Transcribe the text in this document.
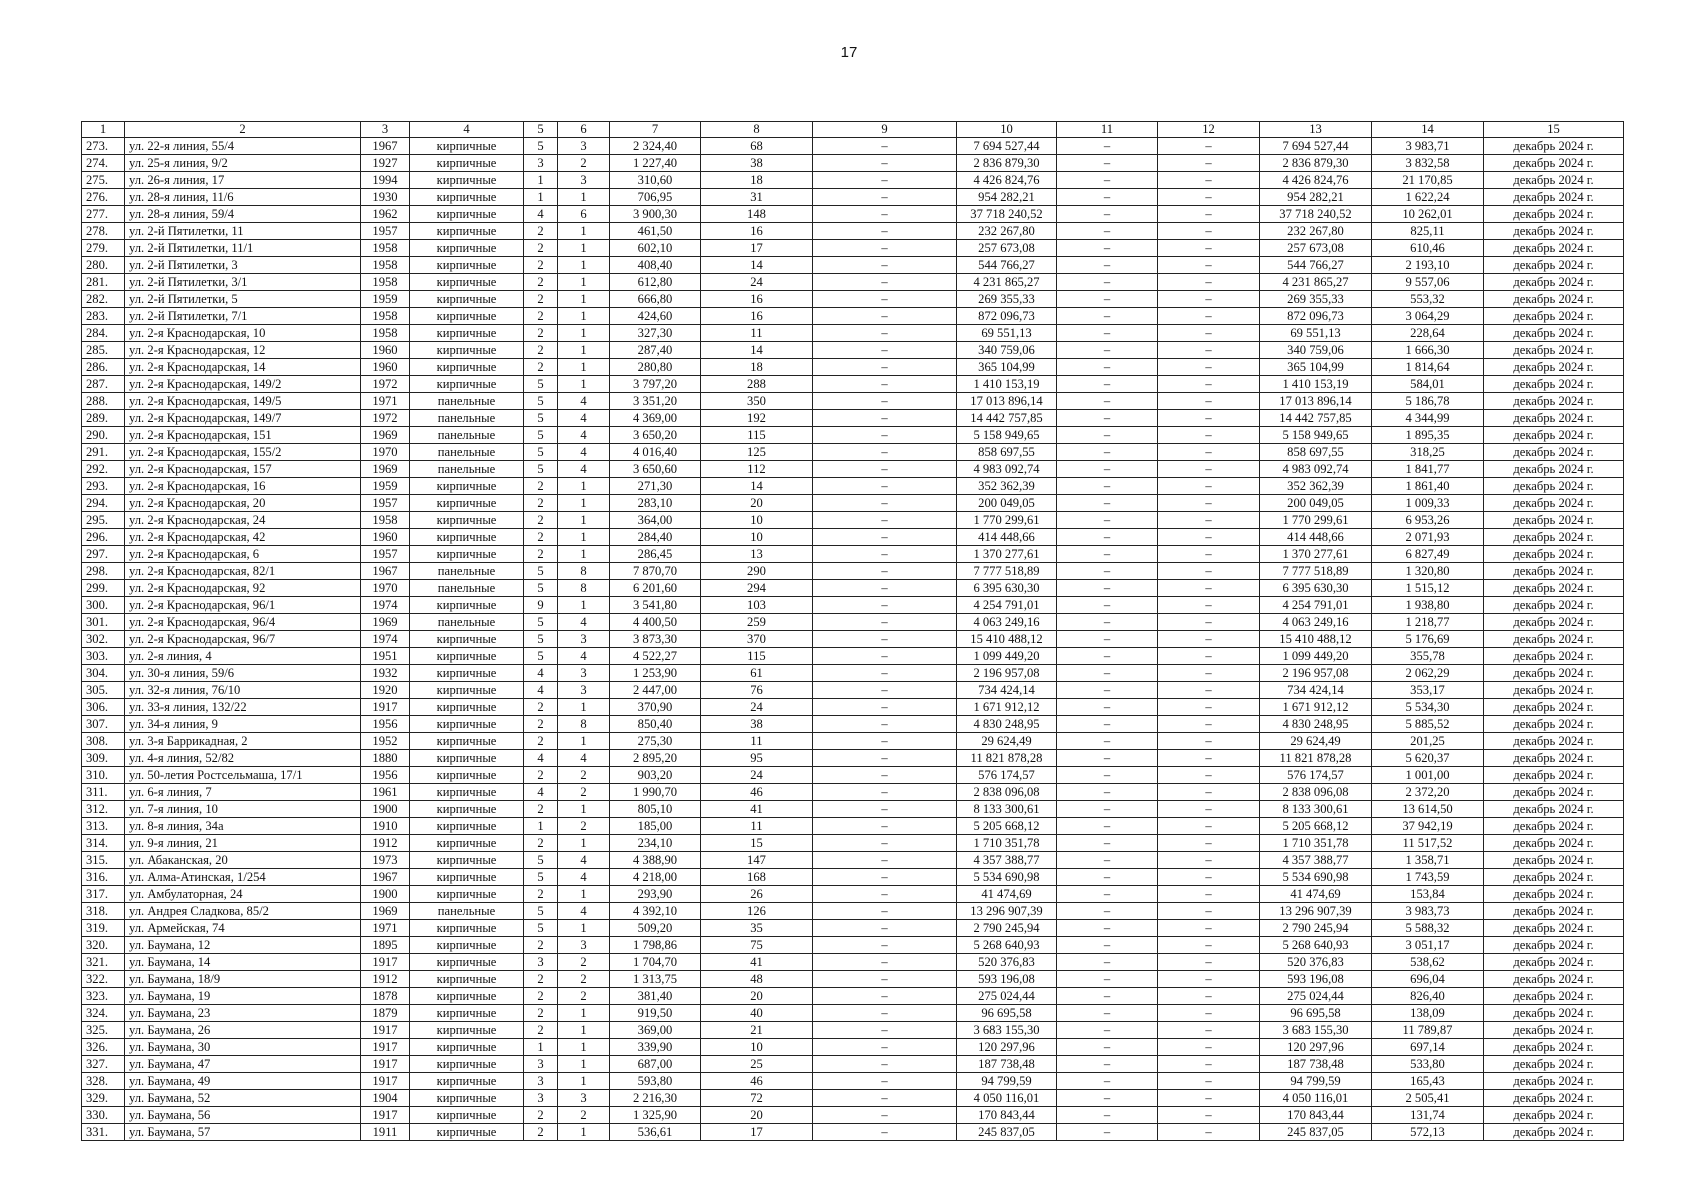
17
1	2	3	4	5	6	7	8	9	10	11	12	13	14	15
273.	ул. 22-я линия, 55/4	1967	кирпичные	5	3	2 324,40	68	–	7 694 527,44	–	–	7 694 527,44	3 983,71	декабрь 2024 г.
274.	ул. 25-я линия, 9/2	1927	кирпичные	3	2	1 227,40	38	–	2 836 879,30	–	–	2 836 879,30	3 832,58	декабрь 2024 г.
275.	ул. 26-я линия, 17	1994	кирпичные	1	3	310,60	18	–	4 426 824,76	–	–	4 426 824,76	21 170,85	декабрь 2024 г.
276.	ул. 28-я линия, 11/6	1930	кирпичные	1	1	706,95	31	–	954 282,21	–	–	954 282,21	1 622,24	декабрь 2024 г.
277.	ул. 28-я линия, 59/4	1962	кирпичные	4	6	3 900,30	148	–	37 718 240,52	–	–	37 718 240,52	10 262,01	декабрь 2024 г.
278.	ул. 2-й Пятилетки, 11	1957	кирпичные	2	1	461,50	16	–	232 267,80	–	–	232 267,80	825,11	декабрь 2024 г.
279.	ул. 2-й Пятилетки, 11/1	1958	кирпичные	2	1	602,10	17	–	257 673,08	–	–	257 673,08	610,46	декабрь 2024 г.
280.	ул. 2-й Пятилетки, 3	1958	кирпичные	2	1	408,40	14	–	544 766,27	–	–	544 766,27	2 193,10	декабрь 2024 г.
281.	ул. 2-й Пятилетки, 3/1	1958	кирпичные	2	1	612,80	24	–	4 231 865,27	–	–	4 231 865,27	9 557,06	декабрь 2024 г.
282.	ул. 2-й Пятилетки, 5	1959	кирпичные	2	1	666,80	16	–	269 355,33	–	–	269 355,33	553,32	декабрь 2024 г.
283.	ул. 2-й Пятилетки, 7/1	1958	кирпичные	2	1	424,60	16	–	872 096,73	–	–	872 096,73	3 064,29	декабрь 2024 г.
284.	ул. 2-я Краснодарская, 10	1958	кирпичные	2	1	327,30	11	–	69 551,13	–	–	69 551,13	228,64	декабрь 2024 г.
285.	ул. 2-я Краснодарская, 12	1960	кирпичные	2	1	287,40	14	–	340 759,06	–	–	340 759,06	1 666,30	декабрь 2024 г.
286.	ул. 2-я Краснодарская, 14	1960	кирпичные	2	1	280,80	18	–	365 104,99	–	–	365 104,99	1 814,64	декабрь 2024 г.
287.	ул. 2-я Краснодарская, 149/2	1972	кирпичные	5	1	3 797,20	288	–	1 410 153,19	–	–	1 410 153,19	584,01	декабрь 2024 г.
288.	ул. 2-я Краснодарская, 149/5	1971	панельные	5	4	3 351,20	350	–	17 013 896,14	–	–	17 013 896,14	5 186,78	декабрь 2024 г.
289.	ул. 2-я Краснодарская, 149/7	1972	панельные	5	4	4 369,00	192	–	14 442 757,85	–	–	14 442 757,85	4 344,99	декабрь 2024 г.
290.	ул. 2-я Краснодарская, 151	1969	панельные	5	4	3 650,20	115	–	5 158 949,65	–	–	5 158 949,65	1 895,35	декабрь 2024 г.
291.	ул. 2-я Краснодарская, 155/2	1970	панельные	5	4	4 016,40	125	–	858 697,55	–	–	858 697,55	318,25	декабрь 2024 г.
292.	ул. 2-я Краснодарская, 157	1969	панельные	5	4	3 650,60	112	–	4 983 092,74	–	–	4 983 092,74	1 841,77	декабрь 2024 г.
293.	ул. 2-я Краснодарская, 16	1959	кирпичные	2	1	271,30	14	–	352 362,39	–	–	352 362,39	1 861,40	декабрь 2024 г.
294.	ул. 2-я Краснодарская, 20	1957	кирпичные	2	1	283,10	20	–	200 049,05	–	–	200 049,05	1 009,33	декабрь 2024 г.
295.	ул. 2-я Краснодарская, 24	1958	кирпичные	2	1	364,00	10	–	1 770 299,61	–	–	1 770 299,61	6 953,26	декабрь 2024 г.
296.	ул. 2-я Краснодарская, 42	1960	кирпичные	2	1	284,40	10	–	414 448,66	–	–	414 448,66	2 071,93	декабрь 2024 г.
297.	ул. 2-я Краснодарская, 6	1957	кирпичные	2	1	286,45	13	–	1 370 277,61	–	–	1 370 277,61	6 827,49	декабрь 2024 г.
298.	ул. 2-я Краснодарская, 82/1	1967	панельные	5	8	7 870,70	290	–	7 777 518,89	–	–	7 777 518,89	1 320,80	декабрь 2024 г.
299.	ул. 2-я Краснодарская, 92	1970	панельные	5	8	6 201,60	294	–	6 395 630,30	–	–	6 395 630,30	1 515,12	декабрь 2024 г.
300.	ул. 2-я Краснодарская, 96/1	1974	кирпичные	9	1	3 541,80	103	–	4 254 791,01	–	–	4 254 791,01	1 938,80	декабрь 2024 г.
301.	ул. 2-я Краснодарская, 96/4	1969	панельные	5	4	4 400,50	259	–	4 063 249,16	–	–	4 063 249,16	1 218,77	декабрь 2024 г.
302.	ул. 2-я Краснодарская, 96/7	1974	кирпичные	5	3	3 873,30	370	–	15 410 488,12	–	–	15 410 488,12	5 176,69	декабрь 2024 г.
303.	ул. 2-я линия, 4	1951	кирпичные	5	4	4 522,27	115	–	1 099 449,20	–	–	1 099 449,20	355,78	декабрь 2024 г.
304.	ул. 30-я линия, 59/6	1932	кирпичные	4	3	1 253,90	61	–	2 196 957,08	–	–	2 196 957,08	2 062,29	декабрь 2024 г.
305.	ул. 32-я линия, 76/10	1920	кирпичные	4	3	2 447,00	76	–	734 424,14	–	–	734 424,14	353,17	декабрь 2024 г.
306.	ул. 33-я линия, 132/22	1917	кирпичные	2	1	370,90	24	–	1 671 912,12	–	–	1 671 912,12	5 534,30	декабрь 2024 г.
307.	ул. 34-я линия, 9	1956	кирпичные	2	8	850,40	38	–	4 830 248,95	–	–	4 830 248,95	5 885,52	декабрь 2024 г.
308.	ул. 3-я Баррикадная, 2	1952	кирпичные	2	1	275,30	11	–	29 624,49	–	–	29 624,49	201,25	декабрь 2024 г.
309.	ул. 4-я линия, 52/82	1880	кирпичные	4	4	2 895,20	95	–	11 821 878,28	–	–	11 821 878,28	5 620,37	декабрь 2024 г.
310.	ул. 50-летия Ростсельмаша, 17/1	1956	кирпичные	2	2	903,20	24	–	576 174,57	–	–	576 174,57	1 001,00	декабрь 2024 г.
311.	ул. 6-я линия, 7	1961	кирпичные	4	2	1 990,70	46	–	2 838 096,08	–	–	2 838 096,08	2 372,20	декабрь 2024 г.
312.	ул. 7-я линия, 10	1900	кирпичные	2	1	805,10	41	–	8 133 300,61	–	–	8 133 300,61	13 614,50	декабрь 2024 г.
313.	ул. 8-я линия, 34а	1910	кирпичные	1	2	185,00	11	–	5 205 668,12	–	–	5 205 668,12	37 942,19	декабрь 2024 г.
314.	ул. 9-я линия, 21	1912	кирпичные	2	1	234,10	15	–	1 710 351,78	–	–	1 710 351,78	11 517,52	декабрь 2024 г.
315.	ул. Абаканская, 20	1973	кирпичные	5	4	4 388,90	147	–	4 357 388,77	–	–	4 357 388,77	1 358,71	декабрь 2024 г.
316.	ул. Алма-Атинская, 1/254	1967	кирпичные	5	4	4 218,00	168	–	5 534 690,98	–	–	5 534 690,98	1 743,59	декабрь 2024 г.
317.	ул. Амбулаторная, 24	1900	кирпичные	2	1	293,90	26	–	41 474,69	–	–	41 474,69	153,84	декабрь 2024 г.
318.	ул. Андрея Сладкова, 85/2	1969	панельные	5	4	4 392,10	126	–	13 296 907,39	–	–	13 296 907,39	3 983,73	декабрь 2024 г.
319.	ул. Армейская, 74	1971	кирпичные	5	1	509,20	35	–	2 790 245,94	–	–	2 790 245,94	5 588,32	декабрь 2024 г.
320.	ул. Баумана, 12	1895	кирпичные	2	3	1 798,86	75	–	5 268 640,93	–	–	5 268 640,93	3 051,17	декабрь 2024 г.
321.	ул. Баумана, 14	1917	кирпичные	3	2	1 704,70	41	–	520 376,83	–	–	520 376,83	538,62	декабрь 2024 г.
322.	ул. Баумана, 18/9	1912	кирпичные	2	2	1 313,75	48	–	593 196,08	–	–	593 196,08	696,04	декабрь 2024 г.
323.	ул. Баумана, 19	1878	кирпичные	2	2	381,40	20	–	275 024,44	–	–	275 024,44	826,40	декабрь 2024 г.
324.	ул. Баумана, 23	1879	кирпичные	2	1	919,50	40	–	96 695,58	–	–	96 695,58	138,09	декабрь 2024 г.
325.	ул. Баумана, 26	1917	кирпичные	2	1	369,00	21	–	3 683 155,30	–	–	3 683 155,30	11 789,87	декабрь 2024 г.
326.	ул. Баумана, 30	1917	кирпичные	1	1	339,90	10	–	120 297,96	–	–	120 297,96	697,14	декабрь 2024 г.
327.	ул. Баумана, 47	1917	кирпичные	3	1	687,00	25	–	187 738,48	–	–	187 738,48	533,80	декабрь 2024 г.
328.	ул. Баумана, 49	1917	кирпичные	3	1	593,80	46	–	94 799,59	–	–	94 799,59	165,43	декабрь 2024 г.
329.	ул. Баумана, 52	1904	кирпичные	3	3	2 216,30	72	–	4 050 116,01	–	–	4 050 116,01	2 505,41	декабрь 2024 г.
330.	ул. Баумана, 56	1917	кирпичные	2	2	1 325,90	20	–	170 843,44	–	–	170 843,44	131,74	декабрь 2024 г.
331.	ул. Баумана, 57	1911	кирпичные	2	1	536,61	17	–	245 837,05	–	–	245 837,05	572,13	декабрь 2024 г.
